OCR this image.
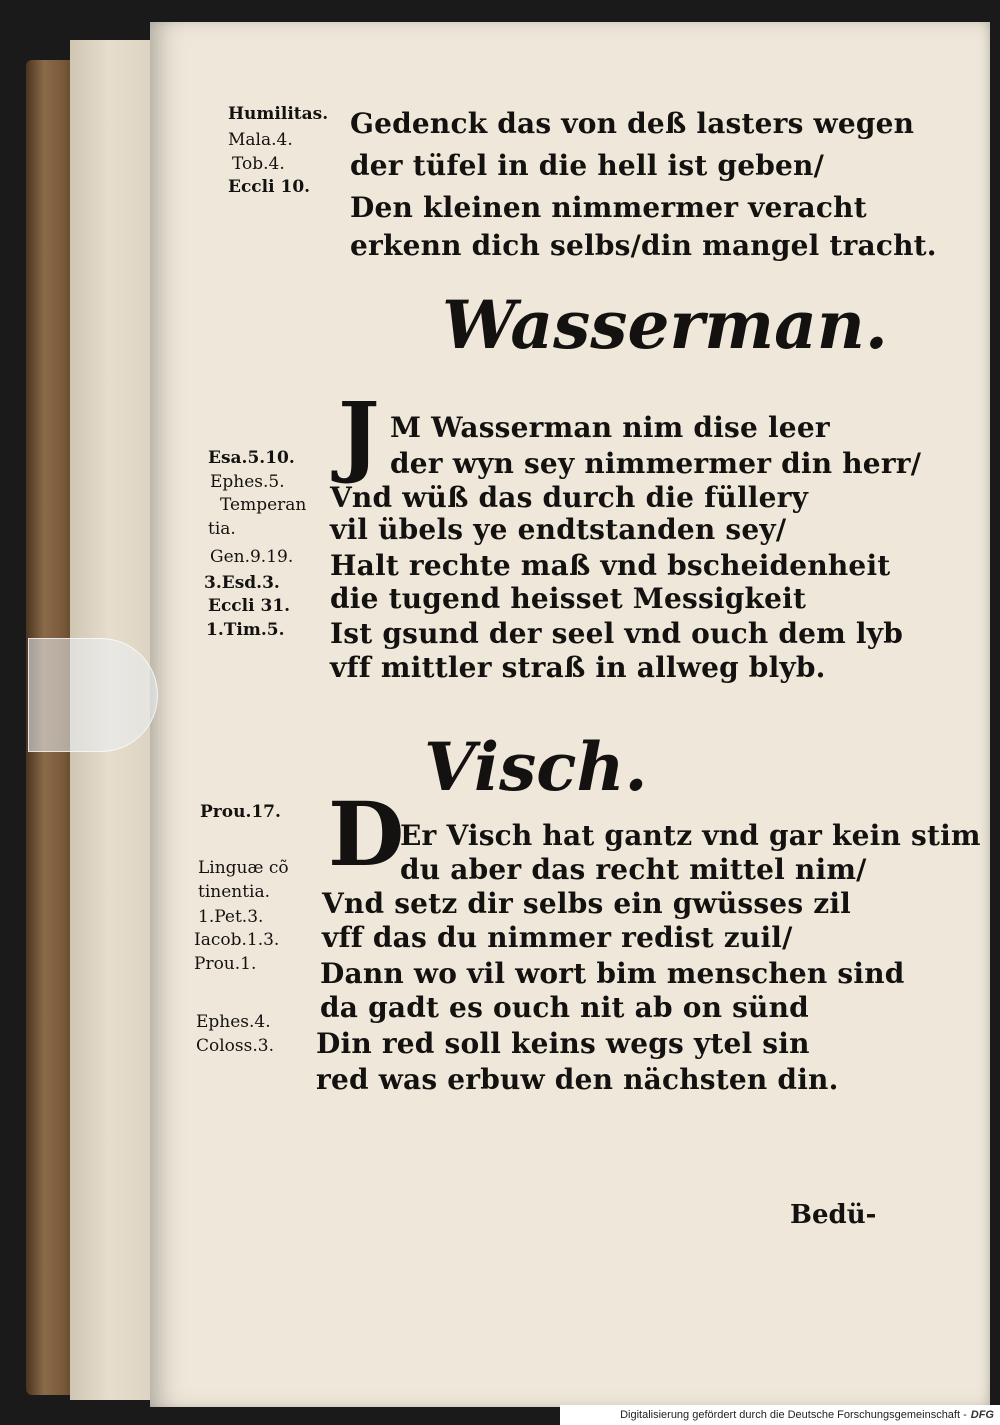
Humilitas.
Mala.4.
Tob.4.
Eccli 10.
Esa.5.10.
Ephes.5.
Temperan
tia.
Gen.9.19.
3.Esd.3.
Eccli 31.
1.Tim.5.
Prou.17.
Linguæ cõ
tinentia.
1.Pet.3.
Iacob.1.3.
Prou.1.
Ephes.4.
Coloss.3.
Gedenck das von deß lasters wegen
der tüfel in die hell ist geben/
Den kleinen nimmermer veracht
erkenn dich selbs/din mangel tracht.
Wasserman.
J M Wasserman nim dise leer
der wyn sey nimmermer din herr/
Vnd wüß das durch die füllery
vil übels ye endtstanden sey/
Halt rechte maß vnd bscheidenheit
die tugend heisset Messigkeit
Ist gsund der seel vnd ouch dem lyb
vff mittler straß in allweg blyb.
Visch.
D
Er Visch hat gantz vnd gar kein stim
du aber das recht mittel nim/
Vnd setz dir selbs ein gwüsses zil
vff das du nimmer redist zuil/
Dann wo vil wort bim menschen sind
da gadt es ouch nit ab on sünd
Din red soll keins wegs ytel sin
red was erbuw den nächsten din.
Bedü-
Digitalisierung gefördert durch die Deutsche Forschungsgemeinschaft - DFG
